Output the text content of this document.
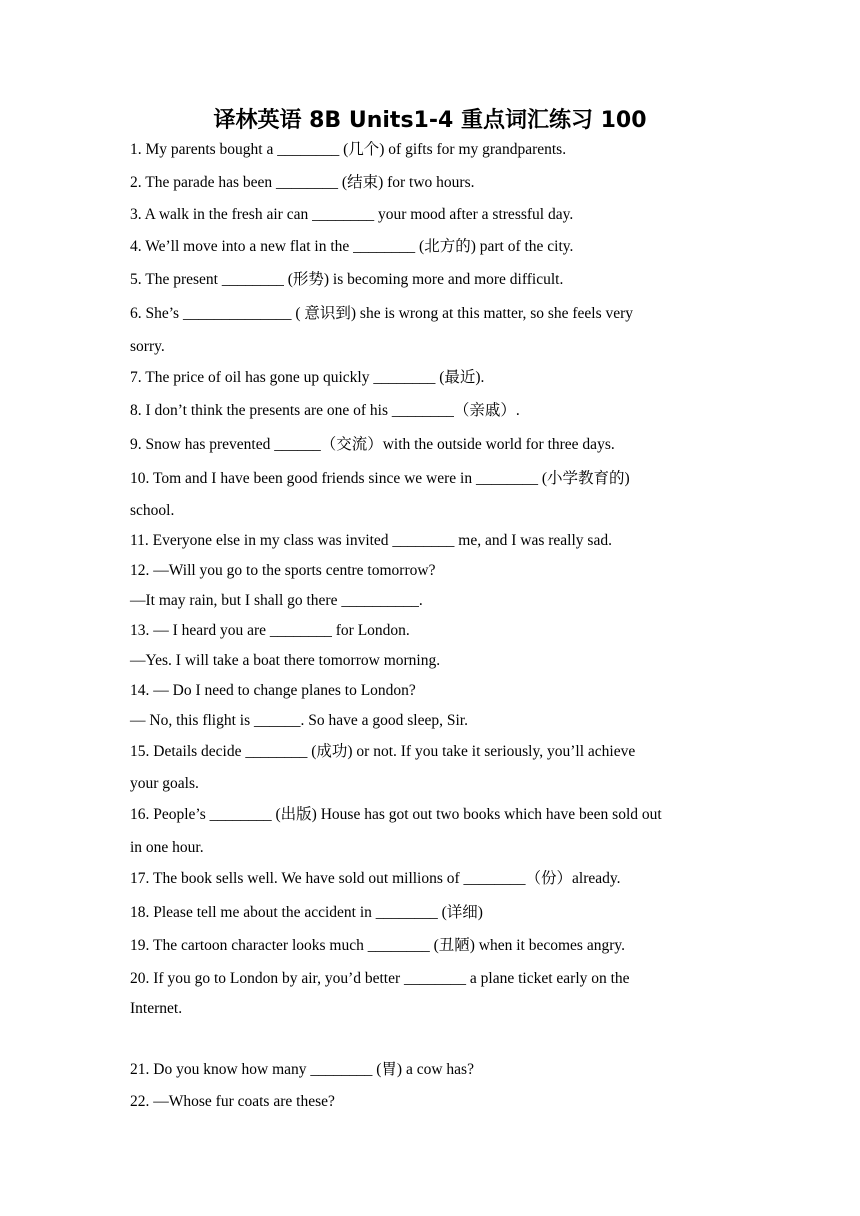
译林英语 8B Units1-4 重点词汇练习 100
1. My parents bought a ________ (几个) of gifts for my grandparents.
2. The parade has been ________ (结束) for two hours.
3. A walk in the fresh air can ________ your mood after a stressful day.
4. We’ll move into a new flat in the ________ (北方的) part of the city.
5. The present ________ (形势) is becoming more and more difficult.
6. She’s ______________ ( 意识到) she is wrong at this matter, so she feels very
sorry.
7. The price of oil has gone up quickly ________ (最近).
8. I don’t think the presents are one of his ________（亲戚）.
9. Snow has prevented ______（交流）with the outside world for three days.
10. Tom and I have been good friends since we were in ________ (小学教育的)
school.
11. Everyone else in my class was invited ________ me, and I was really sad.
12. —Will you go to the sports centre tomorrow?
—It may rain, but I shall go there __________.
13. — I heard you are ________ for London.
—Yes. I will take a boat there tomorrow morning.
14. — Do I need to change planes to London?
— No, this flight is ______. So have a good sleep, Sir.
15. Details decide ________ (成功) or not. If you take it seriously, you’ll achieve
your goals.
16. People’s ________ (出版) House has got out two books which have been sold out
in one hour.
17. The book sells well. We have sold out millions of ________（份）already.
18. Please tell me about the accident in ________ (详细)
19. The cartoon character looks much ________ (丑陋) when it becomes angry.
20. If you go to London by air, you’d better ________ a plane ticket early on the
Internet.
21. Do you know how many ________ (胃) a cow has?
22. —Whose fur coats are these?
